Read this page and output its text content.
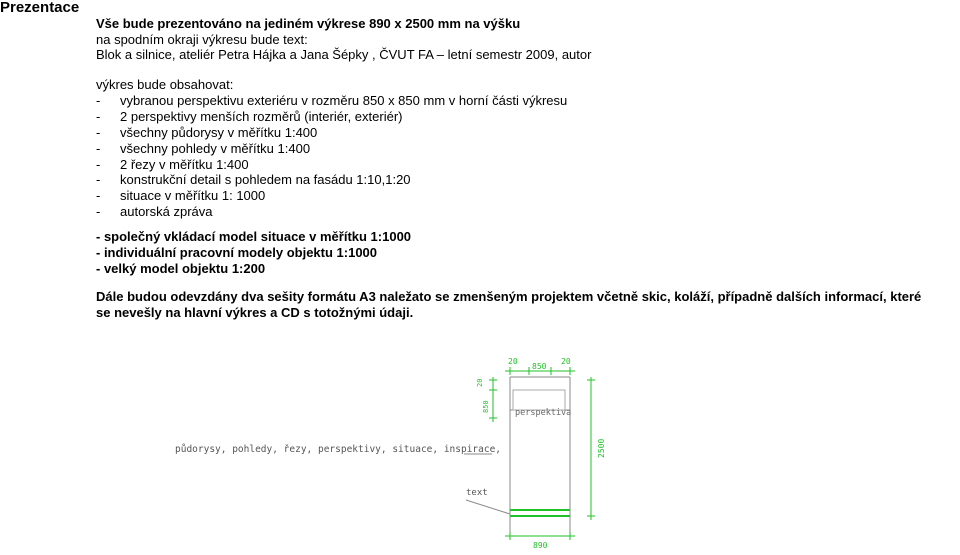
Prezentace
Vše bude prezentováno na jediném výkrese 890 x 2500 mm na výšku
na spodním okraji výkresu bude text:
Blok a silnice, ateliér Petra Hájka a Jana Šépky , ČVUT FA – letní semestr 2009, autor
výkres bude obsahovat:
- vybranou perspektivu exteriéru v rozměru 850 x 850 mm v horní části výkresu
- 2 perspektivy menších rozměrů (interiér, exteriér)
- všechny půdorysy v měřítku 1:400
- všechny pohledy v měřítku 1:400
- 2 řezy v měřítku 1:400
- konstrukční detail s pohledem na fasádu 1:10,1:20
- situace v měřítku 1: 1000
- autorská zpráva
- společný vkládací model situace v měřítku 1:1000
- individuální pracovní modely objektu 1:1000
- velký model objektu 1:200
Dále budou odevzdány dva sešity formátu A3 naležato se zmenšeným projektem včetně skic, koláží, případně dalších informací, které
se nevešly na hlavní výkres a CD s totožnými údaji.
20
850
20
20
850
2500
perspektiva
půdorysy, pohledy, řezy, perspektivy, situace, inspirace,
text
890
